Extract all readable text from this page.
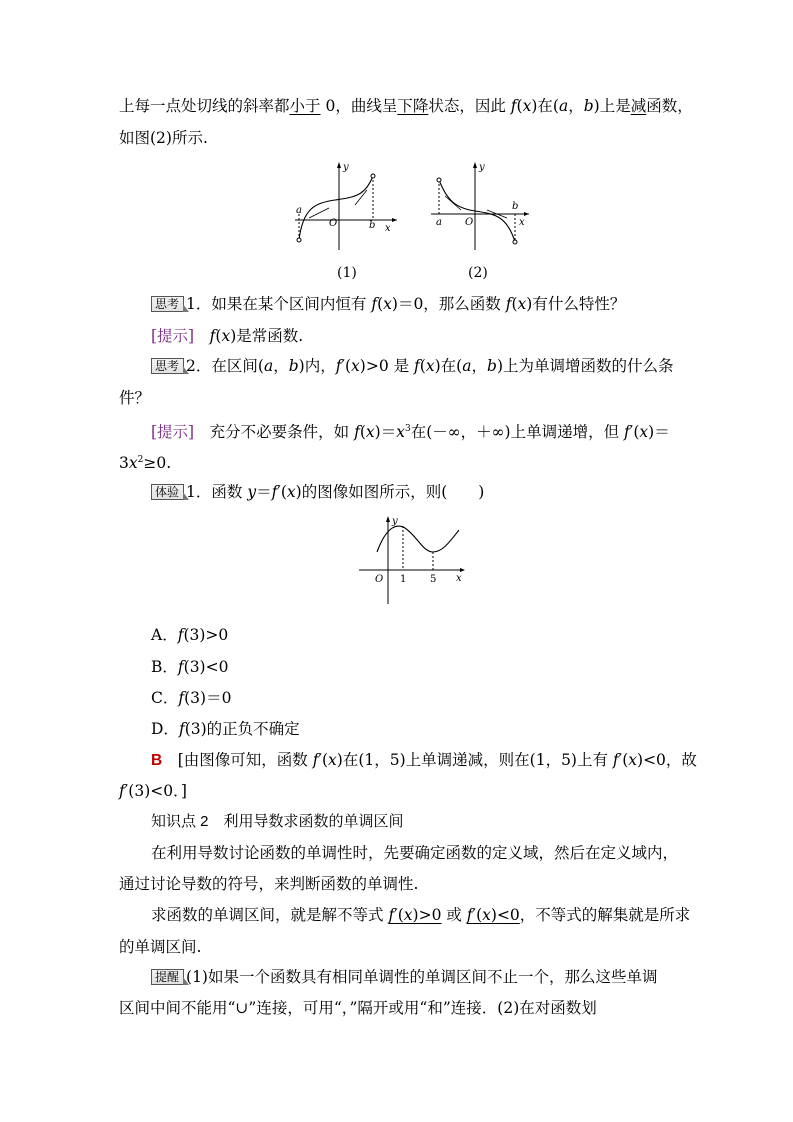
上每一点处切线的斜率都小于 0，曲线呈下降状态，因此 f(x)在(a，b)上是减函数，
如图(2)所示.
a
b
O
y
x
a
b
O
y
x
(1)	(2)
思考 1．如果在某个区间内恒有 f(x)＝0，那么函数 f(x)有什么特性？
[提示]　 f(x)是常函数.
思考 2．在区间(a，b)内，f′(x)>0 是 f(x)在(a，b)上为单调增函数的什么条
件？
[提示]　 充分不必要条件，如 $f(x)=x^3$在(－∞，＋∞)上单调递增，但 f′(x)＝
$3x^2\ge 0$.
体验 1．函数 y＝f′(x)的图像如图所示，则(　　)
O 1 5
y
x
A．f(3)>0
B．f(3)<0
C．f(3)＝0
D．f(3)的正负不确定
B　 [由图像可知，函数 f′(x)在(1，5)上单调递减，则在(1，5)上有 f′(x)<0，故
f′(3)<0．]
知识点 2　利用导数求函数的单调区间
在利用导数讨论函数的单调性时，先要确定函数的定义域，然后在定义域内，
通过讨论导数的符号，来判断函数的单调性.
求函数的单调区间，就是解不等式 f′(x)>0 或 f′(x)<0，不等式的解集就是所求
的单调区间.
提醒 (1)如果一个函数具有相同单调性的单调区间不止一个，那么这些单调
区间中间不能用“∪”连接，可用“，”隔开或用“和”连接．(2)在对函数划
